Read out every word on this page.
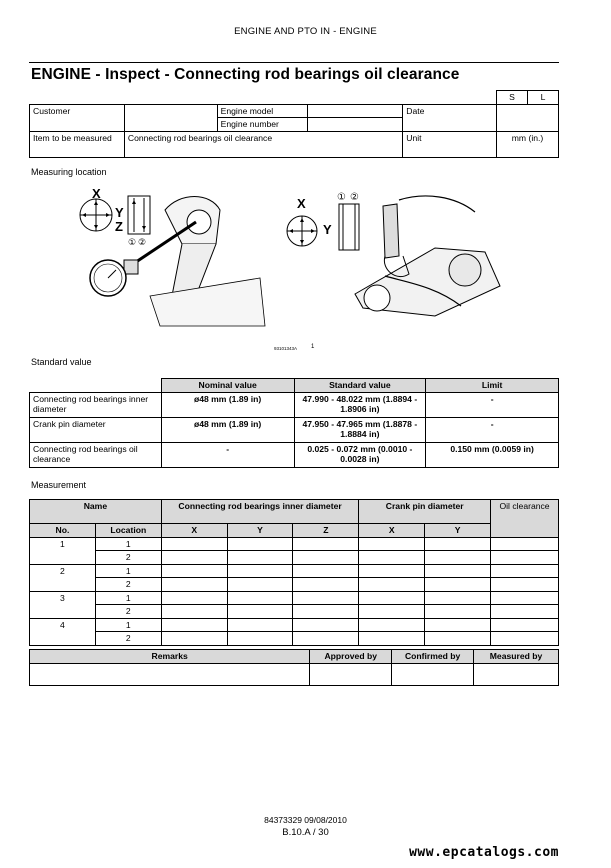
ENGINE AND PTO IN - ENGINE
ENGINE - Inspect - Connecting rod bearings oil clearance
					S	L
Customer		Engine model		Date		
		Engine number				
Item to be measured	Connecting rod bearings oil clearance			Unit	mm (in.)	
Measuring location
X
Y
Z
① ②
X
Y
① ②
93101343A 1
Standard value
	Nominal value	Standard value	Limit
Connecting rod bearings inner diameter	ø48 mm (1.89 in)	47.990 - 48.022 mm (1.8894 - 1.8906 in)	-
Crank pin diameter	ø48 mm (1.89 in)	47.950 - 47.965 mm (1.8878 - 1.8884 in)	-
Connecting rod bearings oil clearance	-	0.025 - 0.072 mm (0.0010 - 0.0028 in)	0.150 mm (0.0059 in)
Measurement
Name		Connecting rod bearings inner diameter			Crank pin diameter		Oil clearance
No.	Location	X	Y	Z	X	Y	
1	1						
	2						
2	1						
	2						
3	1						
	2						
4	1						
	2						
Remarks	Approved by	Confirmed by	Measured by

84373329 09/08/2010
B.10.A / 30
www.epcatalogs.com
